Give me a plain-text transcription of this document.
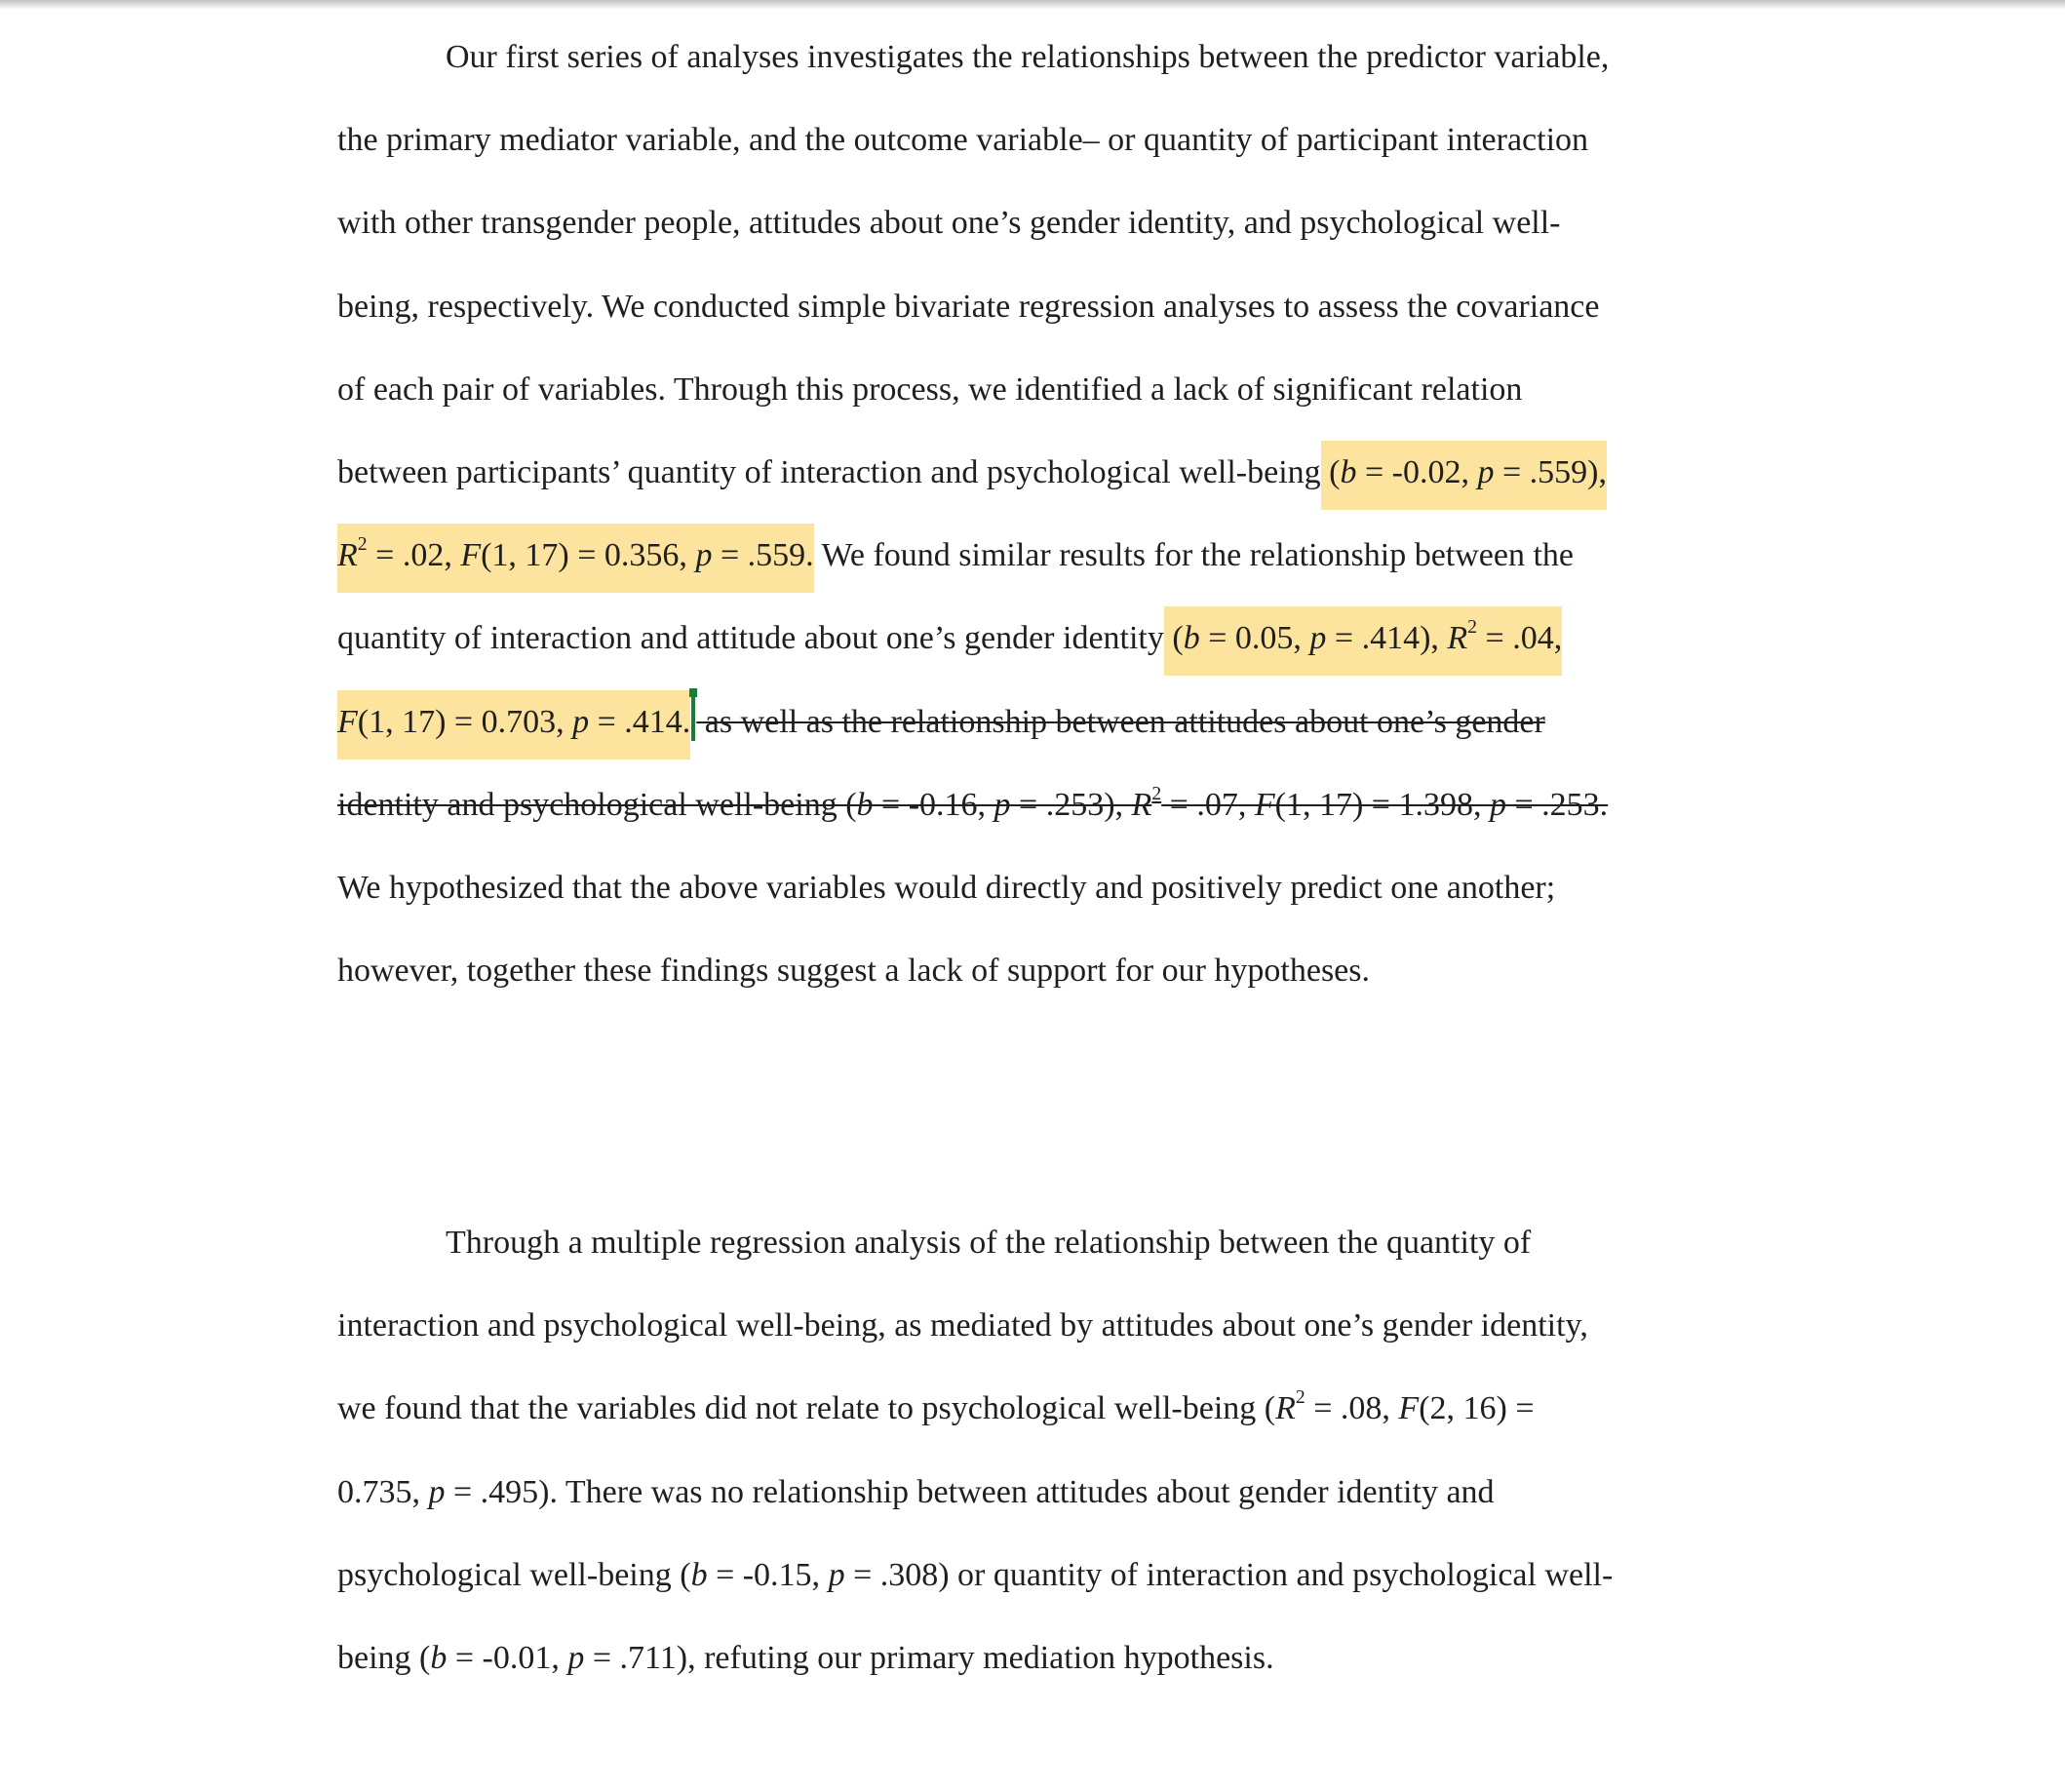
Our first series of analyses investigates the relationships between the predictor variable, the primary mediator variable, and the outcome variable– or quantity of participant interaction with other transgender people, attitudes about one’s gender identity, and psychological well-being, respectively. We conducted simple bivariate regression analyses to assess the covariance of each pair of variables. Through this process, we identified a lack of significant relation between participants’ quantity of interaction and psychological well-being (b = -0.02, p = .559), $R^2 = .02$, F(1, 17) = 0.356, p = .559. We found similar results for the relationship between the quantity of interaction and attitude about one’s gender identity (b = 0.05, p = .414), $R^2 = .04$, F(1, 17) = 0.703, p = .414. as well as the relationship between attitudes about one’s gender identity and psychological well-being (b = -0.16, p = .253), $R^2 = .07$, F(1, 17) = 1.398, p = .253. We hypothesized that the above variables would directly and positively predict one another; however, together these findings suggest a lack of support for our hypotheses.

Through a multiple regression analysis of the relationship between the quantity of interaction and psychological well-being, as mediated by attitudes about one’s gender identity, we found that the variables did not relate to psychological well-being ($R^2 = .08$, F(2, 16) = 0.735, p = .495). There was no relationship between attitudes about gender identity and psychological well-being (b = -0.15, p = .308) or quantity of interaction and psychological well-being (b = -0.01, p = .711), refuting our primary mediation hypothesis.
